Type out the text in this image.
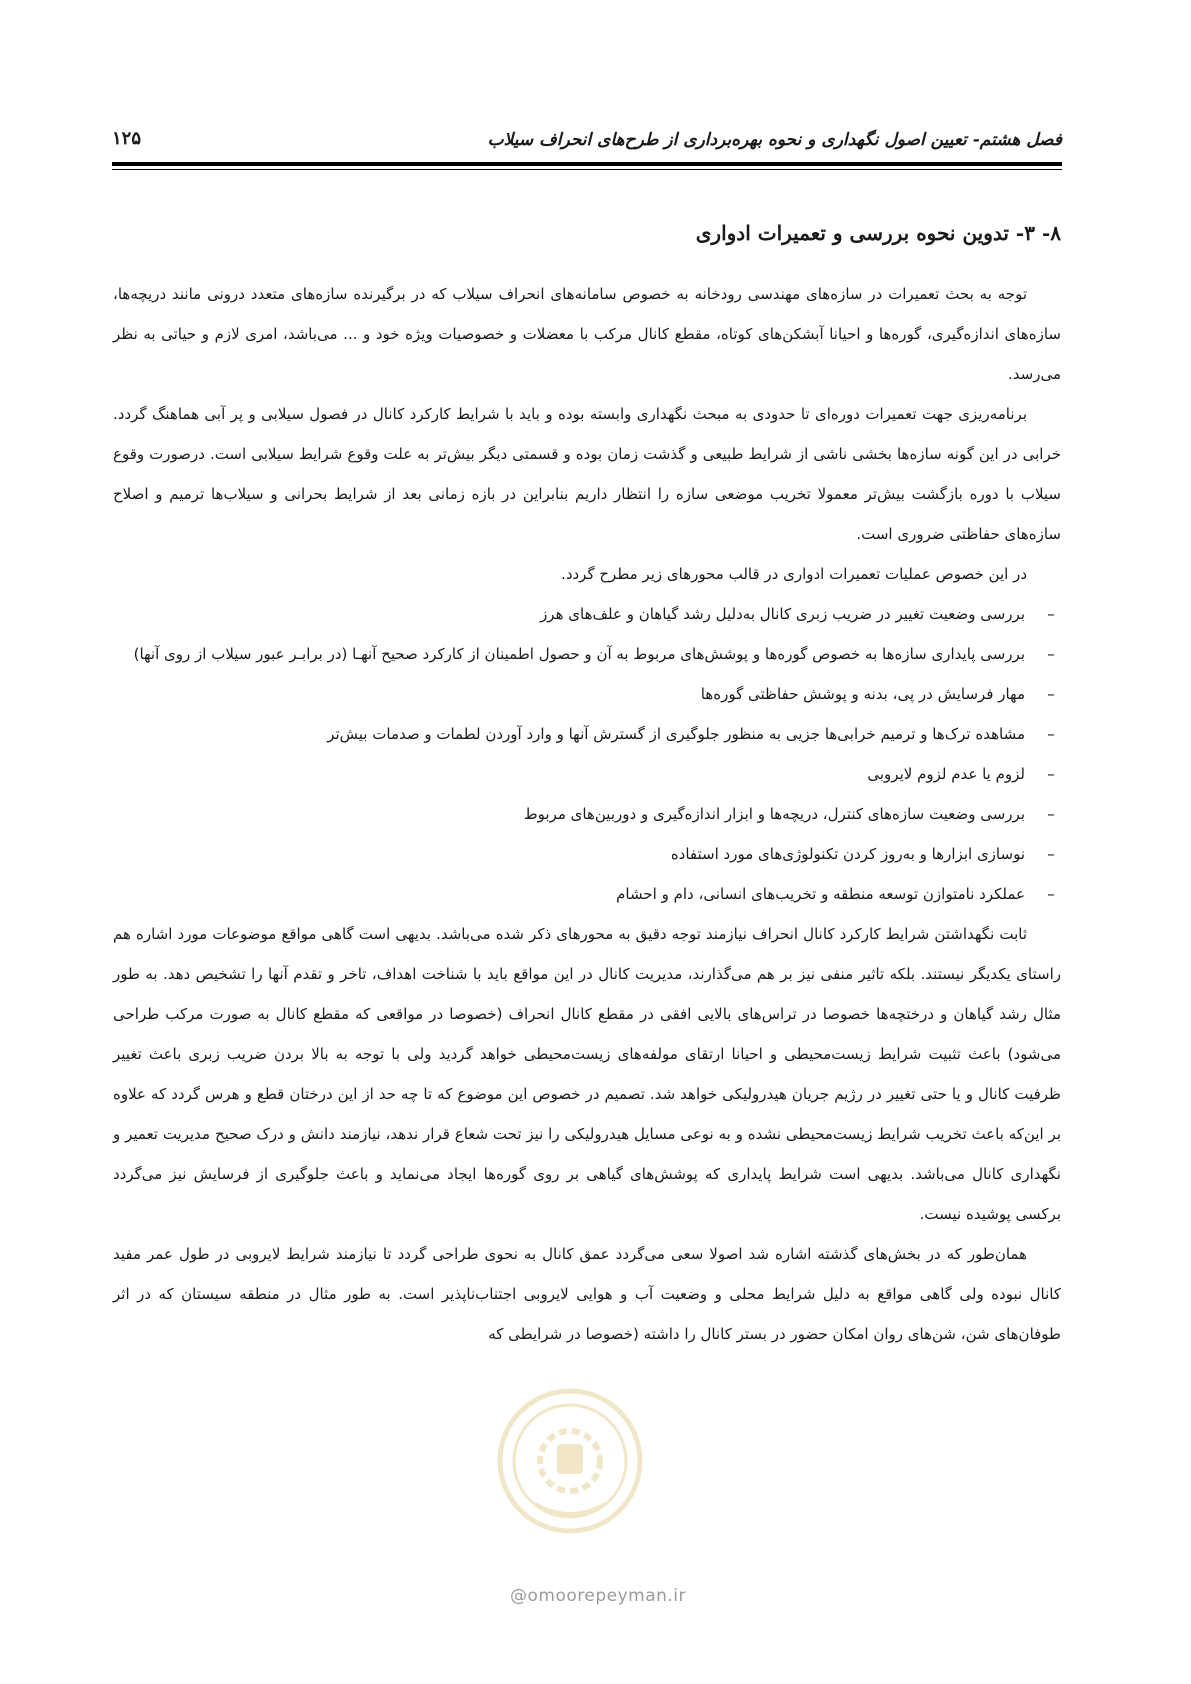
فصل هشتم- تعیین اصول نگهداری و نحوه بهره‌برداری از طرح‌های انحراف سیلاب
۱۲۵
۸- ۳- تدوین نحوه بررسی و تعمیرات ادواری

توجه به بحث تعمیرات در سازه‌های مهندسی رودخانه به خصوص سامانه‌های انحراف سیلاب که در برگیرنده سازه‌های متعدد درونی مانند دریچه‌ها، سازه‌های اندازه‌گیری، گوره‌ها و احیانا آبشکن‌های کوتاه، مقطع کانال مرکب با معضلات و خصوصیات ویژه خود و ... می‌باشد، امری لازم و حیاتی به نظر می‌رسد.

برنامه‌ریزی جهت تعمیرات دوره‌ای تا حدودی به مبحث نگهداری وابسته بوده و باید با شرایط کارکرد کانال در فصول سیلابی و پر آبی هماهنگ گردد. خرابی در این گونه سازه‌ها بخشی ناشی از شرایط طبیعی و گذشت زمان بوده و قسمتی دیگر بیش‌تر به علت وقوع شرایط سیلابی است. درصورت وقوع سیلاب با دوره بازگشت بیش‌تر معمولا تخریب موضعی سازه را انتظار داریم بنابراین در بازه زمانی بعد از شرایط بحرانی و سیلاب‌ها ترمیم و اصلاح سازه‌های حفاظتی ضروری است.

در این خصوص عملیات تعمیرات ادواری در قالب محورهای زیر مطرح گردد.

–
بررسی وضعیت تغییر در ضریب زبری کانال به‌دلیل رشد گیاهان و علف‌های هرز
–
بررسی پایداری سازه‌ها به خصوص گوره‌ها و پوشش‌های مربوط به آن و حصول اطمینان از کارکرد صحیح آنهـا (در برابـر عبور سیلاب از روی آنها)
–
مهار فرسایش در پی، بدنه و پوشش حفاظتی گوره‌ها
–
مشاهده ترک‌ها و ترمیم خرابی‌ها جزیی به منظور جلوگیری از گسترش آنها و وارد آوردن لطمات و صدمات بیش‌تر
–
لزوم یا عدم لزوم لایروبی
–
بررسی وضعیت سازه‌های کنترل، دریچه‌ها و ابزار اندازه‌گیری و دوربین‌های مربوط
–
نوسازی ابزارها و به‌روز کردن تکنولوژی‌های مورد استفاده
–
عملکرد نامتوازن توسعه منطقه و تخریب‌های انسانی، دام و احشام

ثابت نگهداشتن شرایط کارکرد کانال انحراف نیازمند توجه دقیق به محورهای ذکر شده می‌باشد. بدیهی است گاهی مواقع موضوعات مورد اشاره هم راستای یکدیگر نیستند. بلکه تاثیر منفی نیز بر هم می‌گذارند، مدیریت کانال در این مواقع باید با شناخت اهداف، تاخر و تقدم آنها را تشخیص دهد. به طور مثال رشد گیاهان و درختچه‌ها خصوصا در تراس‌های بالایی افقی در مقطع کانال انحراف (خصوصا در مواقعی که مقطع کانال به صورت مرکب طراحی می‌شود) باعث تثبیت شرایط زیست‌محیطی و احیانا ارتقای مولفه‌های زیست‌محیطی خواهد گردید ولی با توجه به بالا بردن ضریب زبری باعث تغییر ظرفیت کانال و یا حتی تغییر در رژیم جریان هیدرولیکی خواهد شد. تصمیم در خصوص این موضوع که تا چه حد از این درختان قطع و هرس گردد که علاوه بر این‌که باعث تخریب شرایط زیست‌محیطی نشده و به نوعی مسایل هیدرولیکی را نیز تحت شعاع قرار ندهد، نیازمند دانش و درک صحیح مدیریت تعمیر و نگهداری کانال می‌باشد. بدیهی است شرایط پایداری که پوشش‌های گیاهی بر روی گوره‌ها ایجاد می‌نماید و باعث جلوگیری از فرسایش نیز می‌گردد برکسی پوشیده نیست.

همان‌طور که در بخش‌های گذشته اشاره شد اصولا سعی می‌گردد عمق کانال به نحوی طراحی گردد تا نیازمند شرایط لایروبی در طول عمر مفید کانال نبوده ولی گاهی مواقع به دلیل شرایط محلی و وضعیت آب و هوایی لایروبی اجتناب‌ناپذیر است. به طور مثال در منطقه سیستان که در اثر طوفان‌های شن، شن‌های روان امکان حضور در بستر کانال را داشته (خصوصا در شرایطی که

@omoorepeyman.ir
